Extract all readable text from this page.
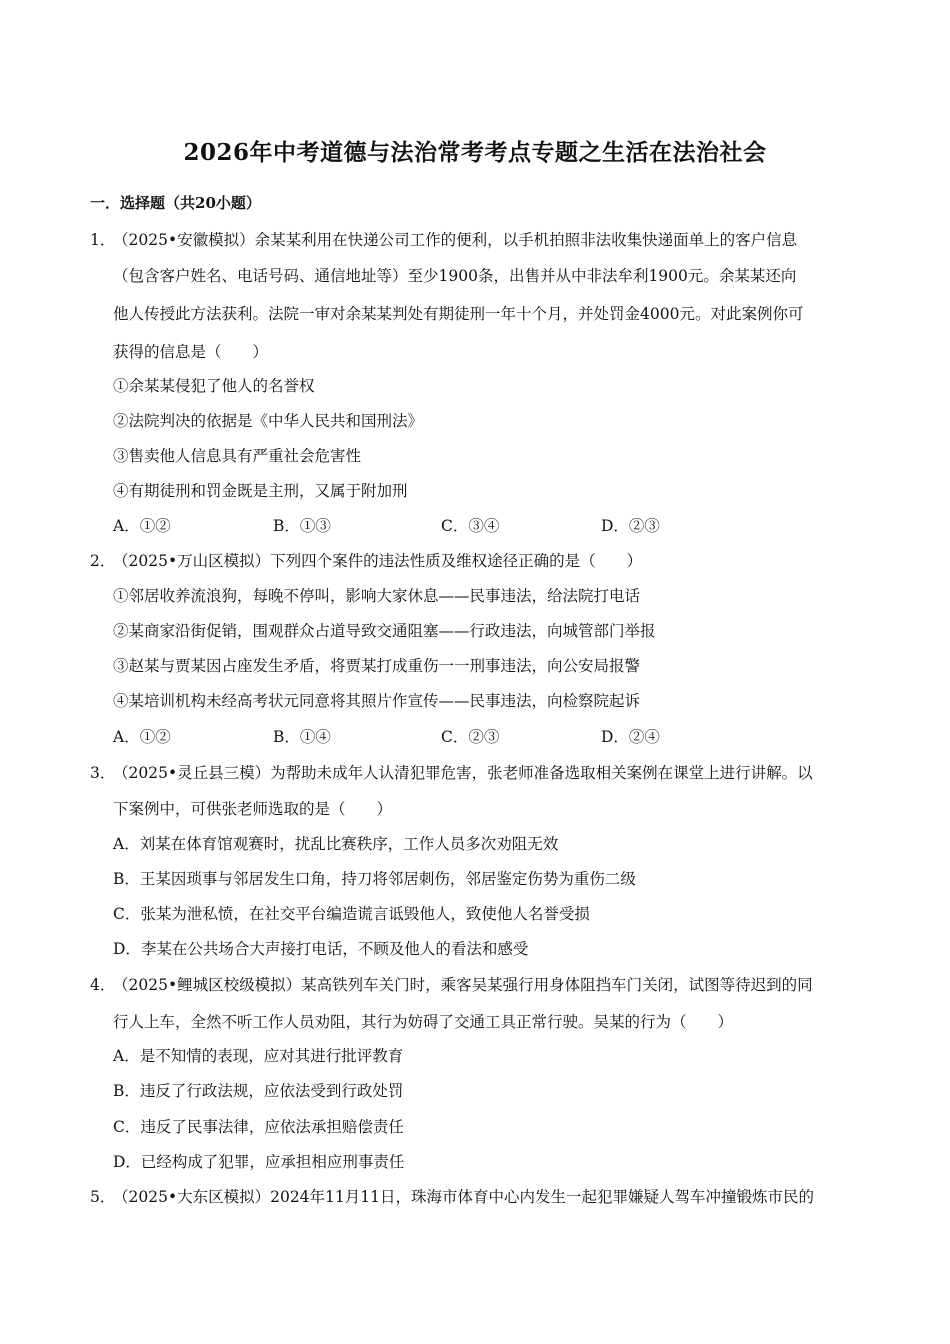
2026年中考道德与法治常考考点专题之生活在法治社会
一．选择题（共20小题）
1．
（2025•安徽模拟）余某某利用在快递公司工作的便利，以手机拍照非法收集快递面单上的客户信息
（包含客户姓名、电话号码、通信地址等）至少1900条，出售并从中非法牟利1900元。余某某还向
他人传授此方法获利。法院一审对余某某判处有期徒刑一年十个月，并处罚金4000元。对此案例你可
获得的信息是（　　）
①余某某侵犯了他人的名誉权
②法院判决的依据是《中华人民共和国刑法》
③售卖他人信息具有严重社会危害性
④有期徒刑和罚金既是主刑，又属于附加刑
A．①②	B．①③	C．③④	D．②③
2．
（2025•万山区模拟）下列四个案件的违法性质及维权途径正确的是（　　）
①邻居收养流浪狗，每晚不停叫，影响大家休息——民事违法，给法院打电话
②某商家沿街促销，围观群众占道导致交通阻塞——行政违法，向城管部门举报
③赵某与贾某因占座发生矛盾，将贾某打成重伤一一刑事违法，向公安局报警
④某培训机构未经高考状元同意将其照片作宣传——民事违法，向检察院起诉
A．①②	B．①④	C．②③	D．②④
3．
（2025•灵丘县三模）为帮助未成年人认清犯罪危害，张老师准备选取相关案例在课堂上进行讲解。以
下案例中，可供张老师选取的是（　　）
A．刘某在体育馆观赛时，扰乱比赛秩序，工作人员多次劝阻无效
B．王某因琐事与邻居发生口角，持刀将邻居刺伤，邻居鉴定伤势为重伤二级
C．张某为泄私愤，在社交平台编造谎言诋毁他人，致使他人名誉受损
D．李某在公共场合大声接打电话，不顾及他人的看法和感受
4．
（2025•鲤城区校级模拟）某高铁列车关门时，乘客吴某强行用身体阻挡车门关闭，试图等待迟到的同
行人上车，全然不听工作人员劝阻，其行为妨碍了交通工具正常行驶。吴某的行为（　　）
A．是不知情的表现，应对其进行批评教育
B．违反了行政法规，应依法受到行政处罚
C．违反了民事法律，应依法承担赔偿责任
D．已经构成了犯罪，应承担相应刑事责任
5．
（2025•大东区模拟）2024年11月11日，珠海市体育中心内发生一起犯罪嫌疑人驾车冲撞锻炼市民的
